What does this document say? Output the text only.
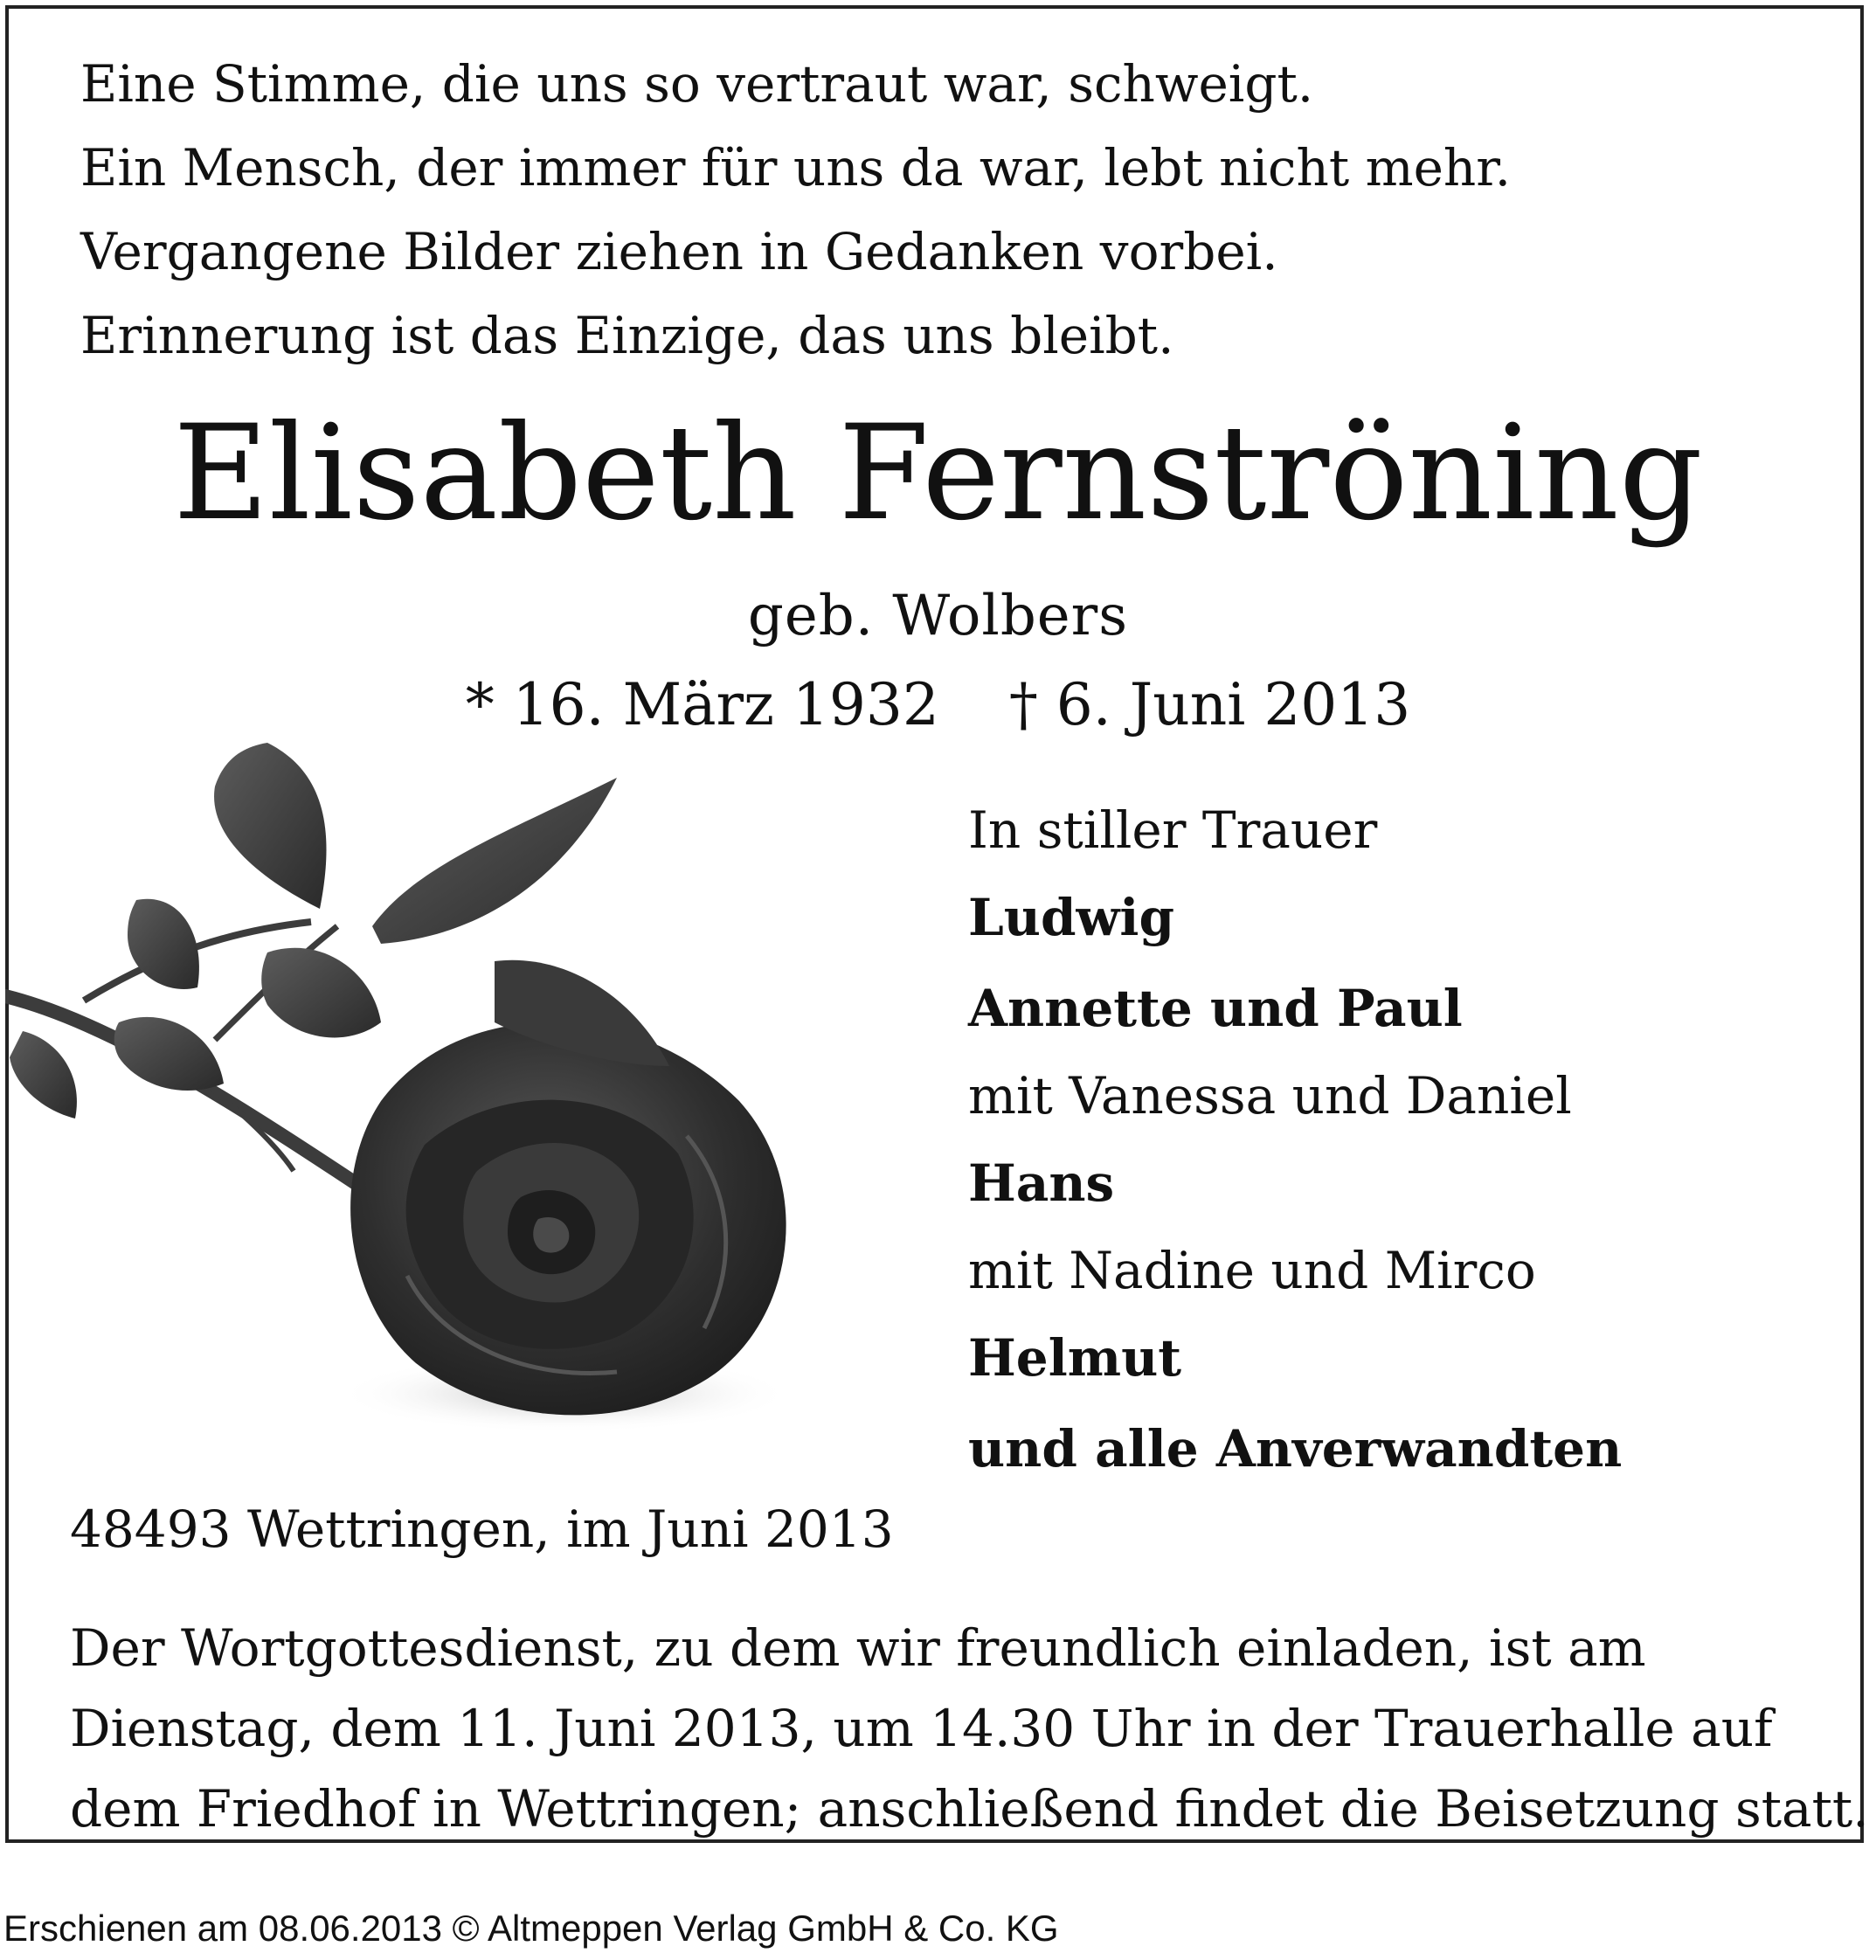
Eine Stimme, die uns so vertraut war, schweigt.
Ein Mensch, der immer für uns da war, lebt nicht mehr.
Vergangene Bilder ziehen in Gedanken vorbei.
Erinnerung ist das Einzige, das uns bleibt.
Elisabeth Fernströning
geb. Wolbers
* 16. März 1932 † 6. Juni 2013
In stiller Trauer
Ludwig
Annette und Paul
mit Vanessa und Daniel
Hans
mit Nadine und Mirco
Helmut
und alle Anverwandten
48493 Wettringen, im Juni 2013
Der Wortgottesdienst, zu dem wir freundlich einladen, ist am
Dienstag, dem 11. Juni 2013, um 14.30 Uhr in der Trauerhalle auf
dem Friedhof in Wettringen; anschließend findet die Beisetzung statt.
Erschienen am 08.06.2013 © Altmeppen Verlag GmbH & Co. KG
